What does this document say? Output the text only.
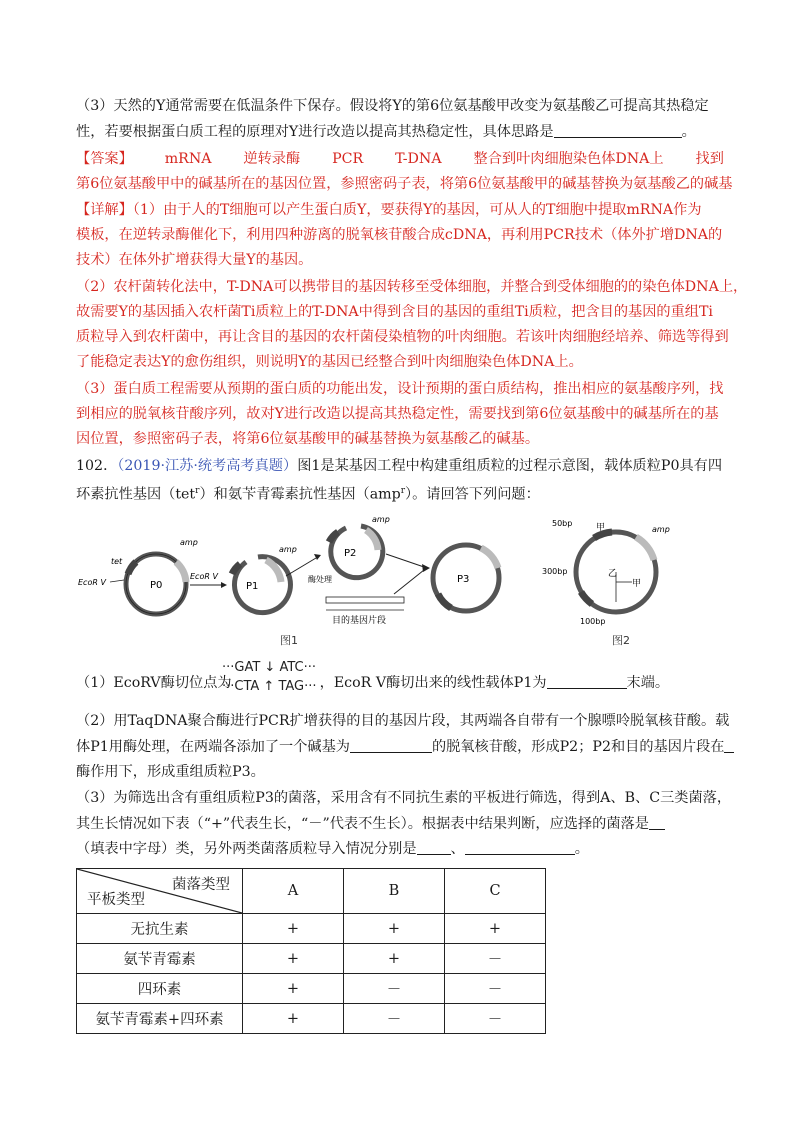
（3）天然的Y通常需要在低温条件下保存。假设将Y的第6位氨基酸甲改变为氨基酸乙可提高其热稳定
性，若要根据蛋白质工程的原理对Y进行改造以提高其热稳定性，具体思路是	。
【答案】 mRNA 逆转录酶 PCR T-DNA 整合到叶肉细胞染色体DNA上 找到
第6位氨基酸甲中的碱基所在的基因位置，参照密码子表，将第6位氨基酸甲的碱基替换为氨基酸乙的碱基
【详解】（1）由于人的T细胞可以产生蛋白质Y，要获得Y的基因，可从人的T细胞中提取mRNA作为
模板，在逆转录酶催化下，利用四种游离的脱氧核苷酸合成cDNA，再利用PCR技术（体外扩增DNA的
技术）在体外扩增获得大量Y的基因。
（2）农杆菌转化法中，T-DNA可以携带目的基因转移至受体细胞，并整合到受体细胞的的染色体DNA上，
故需要Y的基因插入农杆菌Ti质粒上的T-DNA中得到含目的基因的重组Ti质粒，把含目的基因的重组Ti
质粒导入到农杆菌中，再让含目的基因的农杆菌侵染植物的叶肉细胞。若该叶肉细胞经培养、筛选等得到
了能稳定表达Y的愈伤组织，则说明Y的基因已经整合到叶肉细胞染色体DNA上。
（3）蛋白质工程需要从预期的蛋白质的功能出发，设计预期的蛋白质结构，推出相应的氨基酸序列，找
到相应的脱氧核苷酸序列，故对Y进行改造以提高其热稳定性，需要找到第6位氨基酸中的碱基所在的基
因位置，参照密码子表，将第6位氨基酸甲的碱基替换为氨基酸乙的碱基。
102．（2019·江苏·统考高考真题）图1是某基因工程中构建重组质粒的过程示意图，载体质粒P0具有四
环素抗性基因（tet$^r$）和氨苄青霉素抗性基因（amp$^r$）。请回答下列问题：
P0
tet
amp
EcoR V
EcoR V
P1
amp
酶处理
P2
amp
目的基因片段
P3
50bp	甲	amp
300bp	乙
甲
100bp
图1	图2
（1）EcoRV酶切位点为	，EcoR V酶切出来的线性载体P1为	末端。
···GAT ↓ ATC···
···CTA ↑ TAG···
（2）用TaqDNA聚合酶进行PCR扩增获得的目的基因片段，其两端各自带有一个腺嘌呤脱氧核苷酸。载
体P1用酶处理，在两端各添加了一个碱基为	的脱氧核苷酸，形成P2；P2和目的基因片段在
酶作用下，形成重组质粒P3。
（3）为筛选出含有重组质粒P3的菌落，采用含有不同抗生素的平板进行筛选，得到A、B、C三类菌落，
其生长情况如下表（“+”代表生长，“－”代表不生长）。根据表中结果判断，应选择的菌落是
（填表中字母）类，另外两类菌落质粒导入情况分别是 、	。
菌落类型
平板类型	A	B	C
无抗生素	+	+	+
氨苄青霉素	+	+	－
四环素	+	－	－
氨苄青霉素+四环素	+	－	－
